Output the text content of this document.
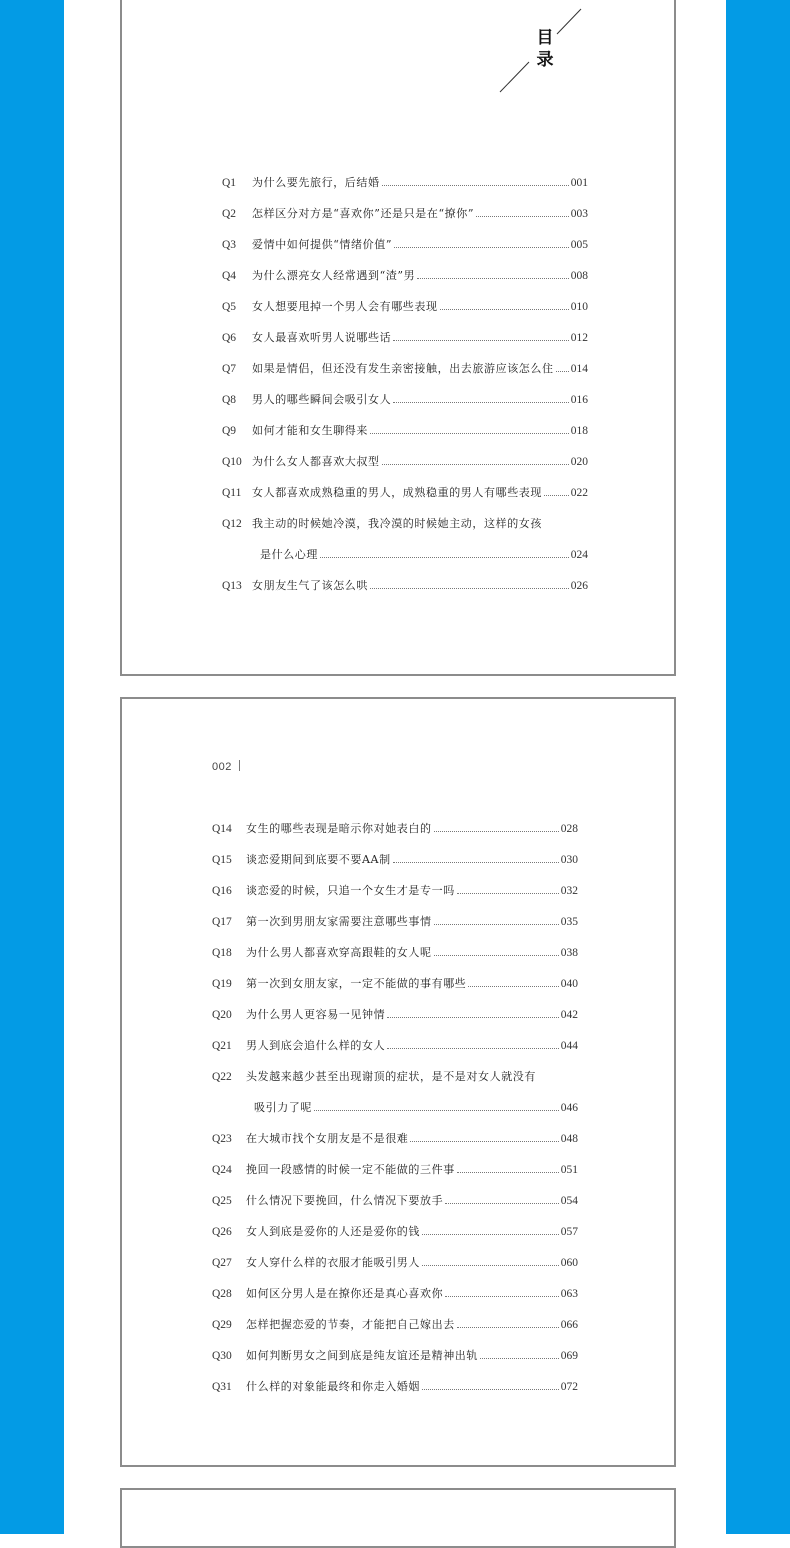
目
录
Q1	为什么要先旅行，后结婚	001
Q2	怎样区分对方是“喜欢你”还是只是在“撩你”	003
Q3	爱情中如何提供“情绪价值”	005
Q4	为什么漂亮女人经常遇到“渣”男	008
Q5	女人想要甩掉一个男人会有哪些表现	010
Q6	女人最喜欢听男人说哪些话	012
Q7	如果是情侣，但还没有发生亲密接触，出去旅游应该怎么住 014
Q8	男人的哪些瞬间会吸引女人	016
Q9	如何才能和女生聊得来	018
Q10 为什么女人都喜欢大叔型	020
Q11 女人都喜欢成熟稳重的男人，成熟稳重的男人有哪些表现	022
Q12 我主动的时候她冷漠，我冷漠的时候她主动，这样的女孩
是什么心理	024
Q13 女朋友生气了该怎么哄	026
002
Q14	女生的哪些表现是暗示你对她表白的	028
Q15	谈恋爱期间到底要不要AA制	030
Q16	谈恋爱的时候，只追一个女生才是专一吗	032
Q17	第一次到男朋友家需要注意哪些事情	035
Q18	为什么男人都喜欢穿高跟鞋的女人呢	038
Q19	第一次到女朋友家，一定不能做的事有哪些	040
Q20	为什么男人更容易一见钟情	042
Q21	男人到底会追什么样的女人	044
Q22	头发越来越少甚至出现谢顶的症状，是不是对女人就没有
吸引力了呢	046
Q23	在大城市找个女朋友是不是很难	048
Q24	挽回一段感情的时候一定不能做的三件事	051
Q25	什么情况下要挽回，什么情况下要放手	054
Q26	女人到底是爱你的人还是爱你的钱	057
Q27	女人穿什么样的衣服才能吸引男人	060
Q28	如何区分男人是在撩你还是真心喜欢你	063
Q29	怎样把握恋爱的节奏，才能把自己嫁出去	066
Q30	如何判断男女之间到底是纯友谊还是精神出轨	069
Q31	什么样的对象能最终和你走入婚姻	072
